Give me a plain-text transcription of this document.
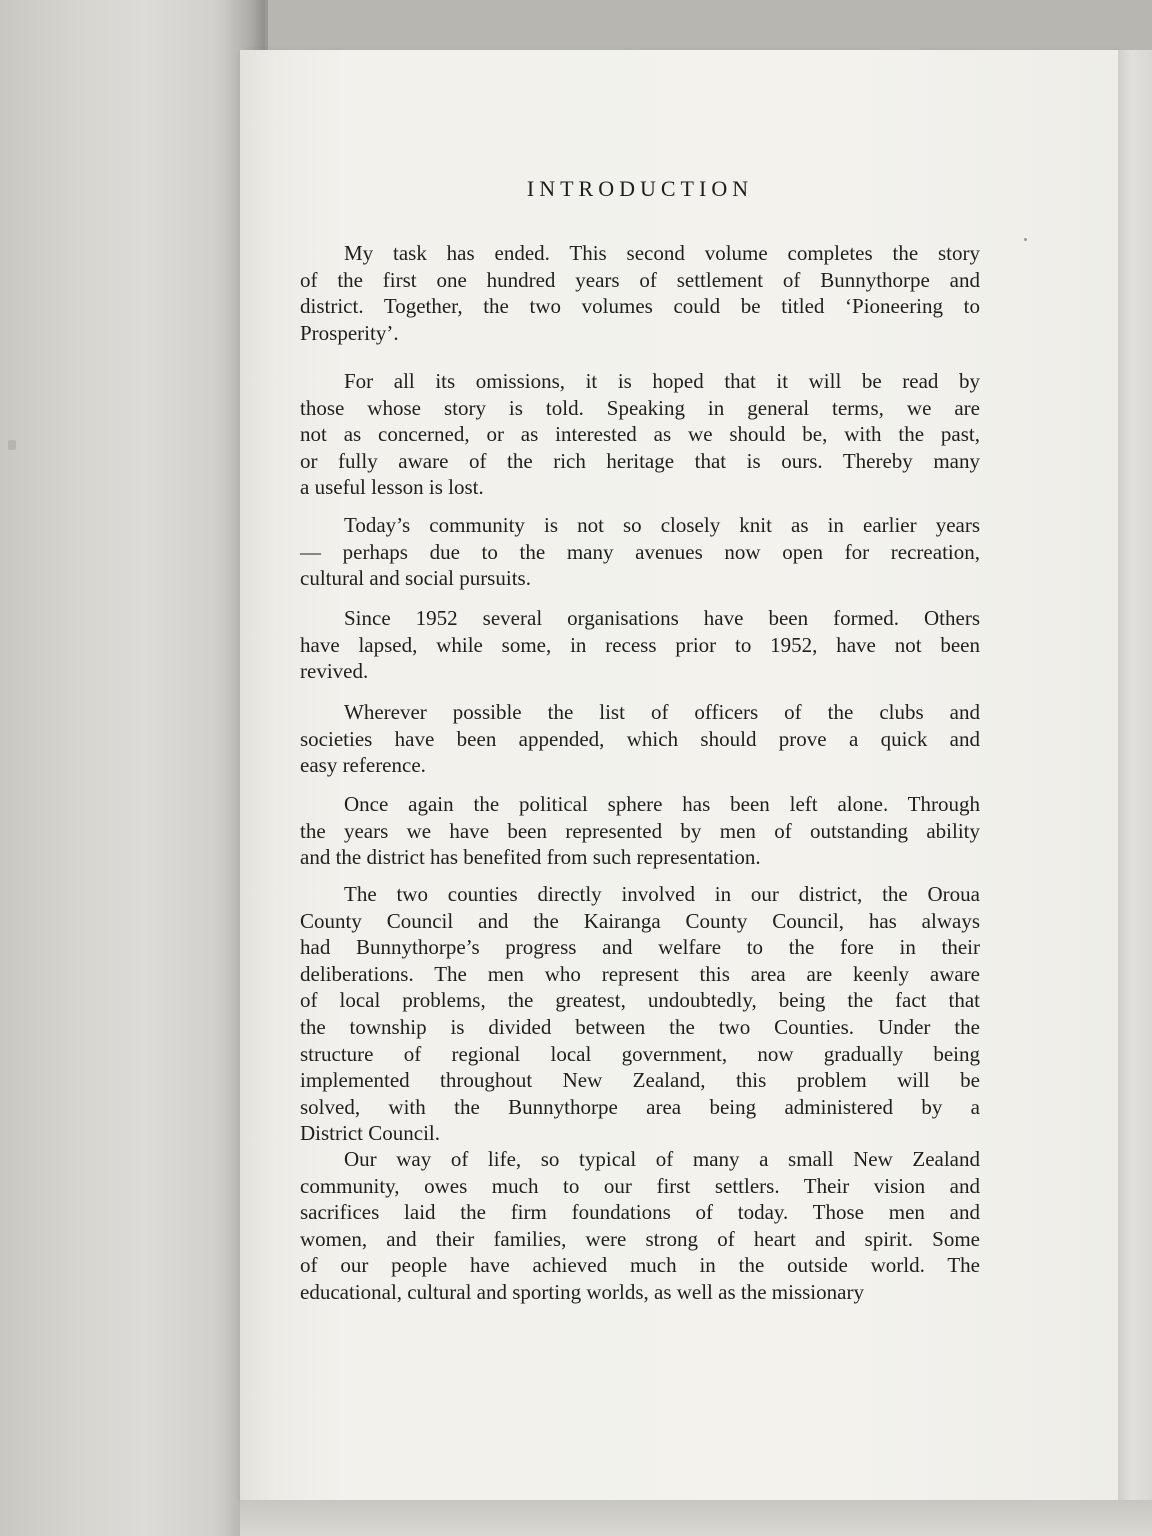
INTRODUCTION
My task has ended. This second volume completes the story
of the first one hundred years of settlement of Bunnythorpe and
district. Together, the two volumes could be titled ‘Pioneering to
Prosperity’.
For all its omissions, it is hoped that it will be read by
those whose story is told. Speaking in general terms, we are
not as concerned, or as interested as we should be, with the past,
or fully aware of the rich heritage that is ours. Thereby many
a useful lesson is lost.
Today’s community is not so closely knit as in earlier years
— perhaps due to the many avenues now open for recreation,
cultural and social pursuits.
Since 1952 several organisations have been formed. Others
have lapsed, while some, in recess prior to 1952, have not been
revived.
Wherever possible the list of officers of the clubs and
societies have been appended, which should prove a quick and
easy reference.
Once again the political sphere has been left alone. Through
the years we have been represented by men of outstanding ability
and the district has benefited from such representation.
The two counties directly involved in our district, the Oroua
County Council and the Kairanga County Council, has always
had Bunnythorpe’s progress and welfare to the fore in their
deliberations. The men who represent this area are keenly aware
of local problems, the greatest, undoubtedly, being the fact that
the township is divided between the two Counties. Under the
structure of regional local government, now gradually being
implemented throughout New Zealand, this problem will be
solved, with the Bunnythorpe area being administered by a
District Council.
Our way of life, so typical of many a small New Zealand
community, owes much to our first settlers. Their vision and
sacrifices laid the firm foundations of today. Those men and
women, and their families, were strong of heart and spirit. Some
of our people have achieved much in the outside world. The
educational, cultural and sporting worlds, as well as the missionary
